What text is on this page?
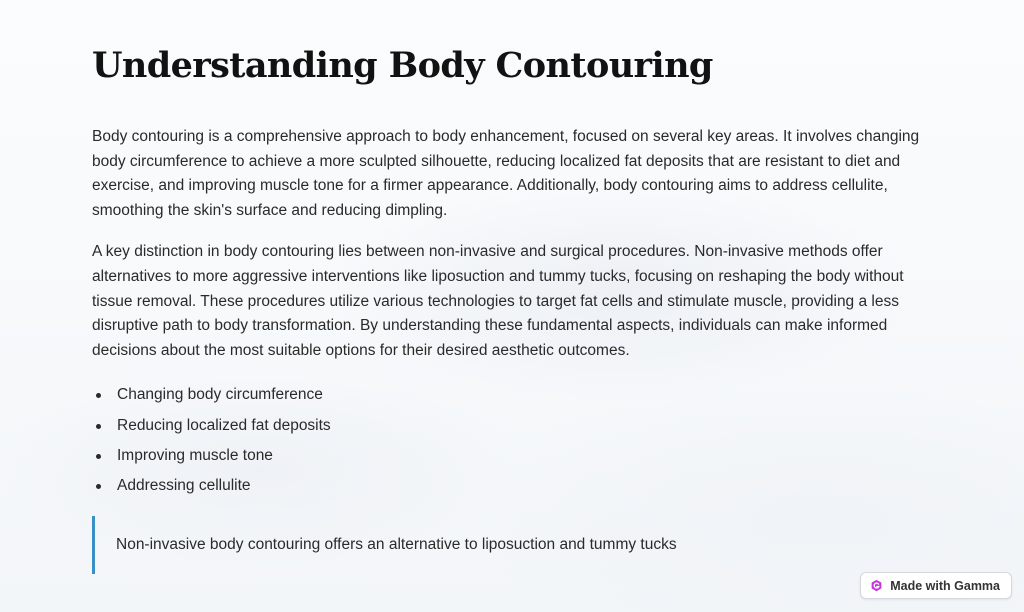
Understanding Body Contouring

Body contouring is a comprehensive approach to body enhancement, focused on several key areas. It involves changing body circumference to achieve a more sculpted silhouette, reducing localized fat deposits that are resistant to diet and exercise, and improving muscle tone for a firmer appearance. Additionally, body contouring aims to address cellulite, smoothing the skin's surface and reducing dimpling.

A key distinction in body contouring lies between non-invasive and surgical procedures. Non-invasive methods offer alternatives to more aggressive interventions like liposuction and tummy tucks, focusing on reshaping the body without tissue removal. These procedures utilize various technologies to target fat cells and stimulate muscle, providing a less disruptive path to body transformation. By understanding these fundamental aspects, individuals can make informed decisions about the most suitable options for their desired aesthetic outcomes.

Changing body circumference
Reducing localized fat deposits
Improving muscle tone
Addressing cellulite
Non-invasive body contouring offers an alternative to liposuction and tummy tucks
Made with Gamma
